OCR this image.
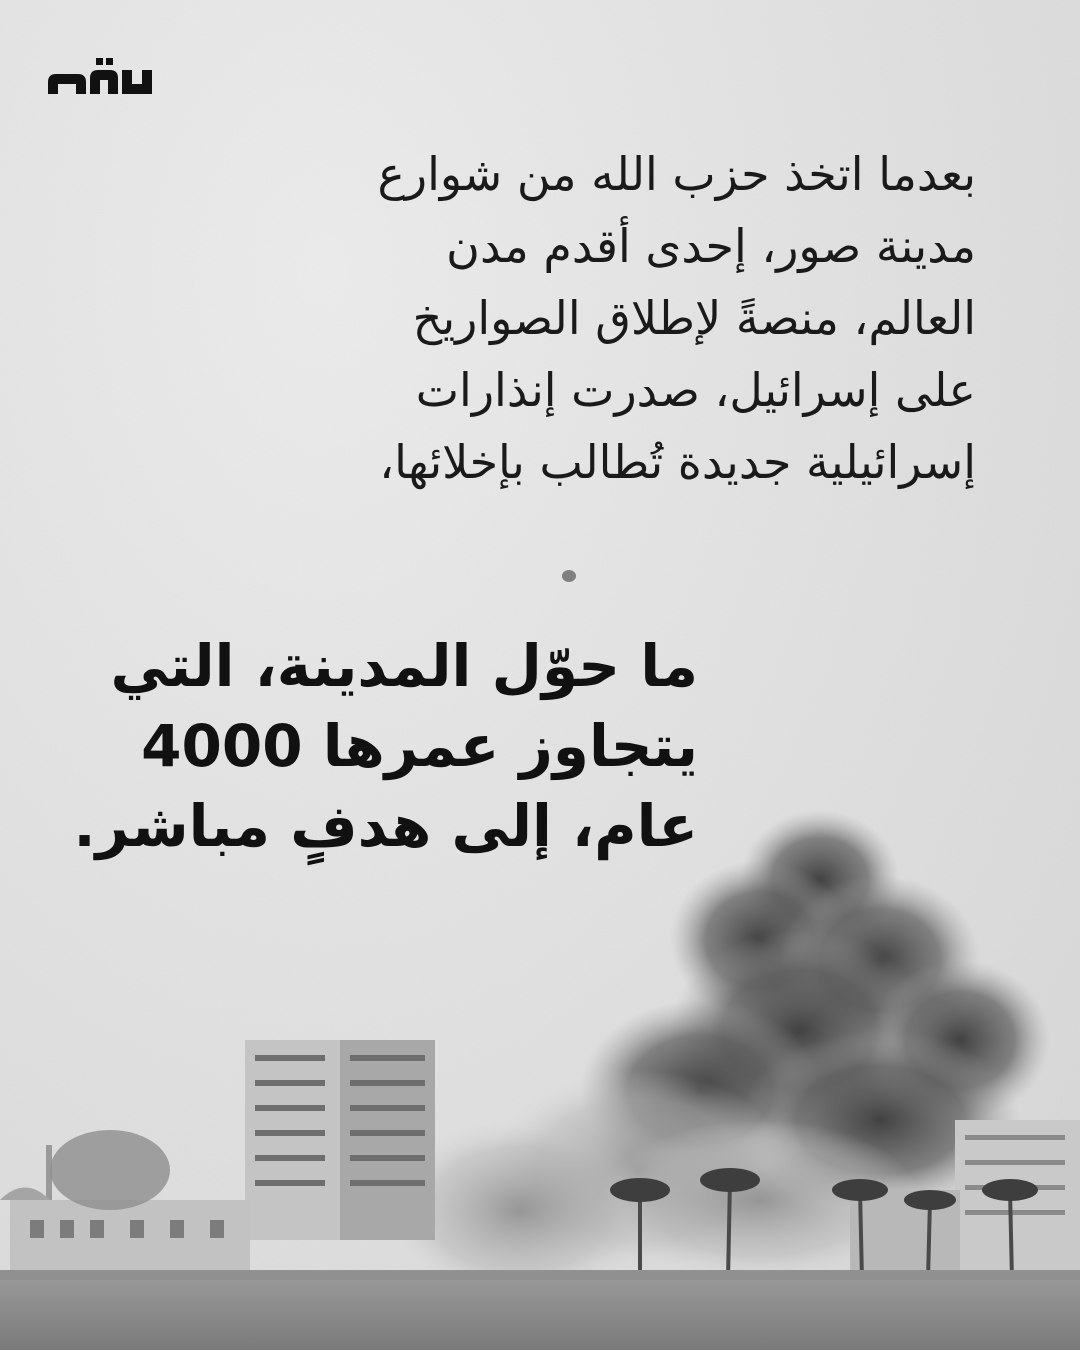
بعدما اتخذ حزب الله من شوارع
مدينة صور، إحدى أقدم مدن
العالم، منصةً لإطلاق الصواريخ
على إسرائيل، صدرت إنذارات
إسرائيلية جديدة تُطالب بإخلائها،

ما حوّل المدينة، التي
يتجاوز عمرها 4000
عام، إلى هدفٍ مباشر.
